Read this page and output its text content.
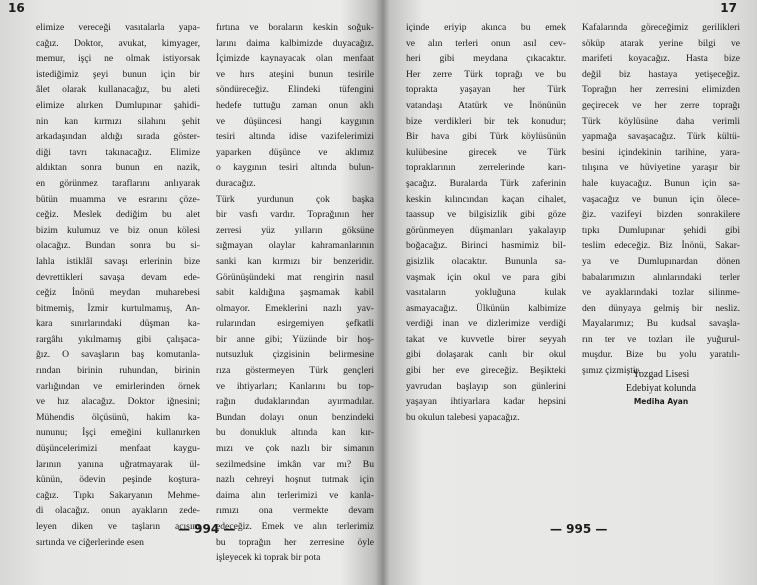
16
elimize vereceği vasıtalarla yapa-
cağız. Doktor, avukat, kimyager,
memur, işçi ne olmak istiyorsak
istediğimiz şeyi bunun için bir
âlet olarak kullanacağız, bu aleti
elimize alırken Dumlupınar şahidi-
nin kan kırmızı silahını şehit
arkadaşından aldığı sırada göster-
diği tavrı takınacağız. Elimize
aldıktan sonra bunun en nazik,
en görünmez taraflarını anlıyarak
bütün muamma ve esrarını çöze-
ceğiz. Meslek dediğim bu alet
bizim kulumuz ve biz onun kölesi
olacağız. Bundan sonra bu si-
lahla istiklâl savaşı erlerinin bize
devrettikleri savaşa devam ede-
ceğiz İnönü meydan muharebesi
bitmemiş, İzmir kurtulmamış, An-
kara sınırlarındaki düşman ka-
rargâhı yıkılmamış gibi çalışaca-
ğız. O savaşların baş komutanla-
rından birinin ruhundan, birinin
varlığından ve emirlerinden örnek
ve hız alacağız. Doktor iğnesini;
Mühendis ölçüsünü, hakim ka-
nununu; İşçi emeğini kullanırken
düşüncelerimizi menfaat kaygu-
larının yanına uğratmayarak ül-
künün, ödevin peşinde koştura-
cağız. Tıpkı Sakaryanın Mehme-
di olacağız. onun ayakların zede-
leyen diken ve taşların acısını
sırtında ve ciğerlerinde esen
fırtına ve boraların keskin soğuk-
larını daima kalbimizde duyacağız.
İçimizde kaynayacak olan menfaat
ve hırs ateşini bunun tesirile
söndüreceğiz. Elindeki tüfengini
hedefe tuttuğu zaman onun aklı
ve düşüncesi hangi kaygının
tesiri altında idise vazifelerimizi
yaparken düşünce ve aklımız
o kaygının tesiri altında bulun-
duracağız.
Türk yurdunun çok başka
bir vasfı vardır. Toprağının her
zerresi yüz yılların göksüne
sığmayan olaylar kahramanlarının
sanki kan kırmızı bir benzeridir.
Görünüşündeki mat rengirin nasıl
sabit kaldığına şaşmamak kabil
olmayor. Emeklerini nazlı yav-
rularından esirgemiyen şefkatli
bir anne gibi; Yüzünde bir hoş-
nutsuzluk çizgisinin belirmesine
rıza göstermeyen Türk gençleri
ve ihtiyarları; Kanlarını bu top-
rağın dudaklarından ayırmadılar.
Bundan dolayı onun benzindeki
bu donukluk altında kan kır-
mızı ve çok nazlı bir simanın
sezilmedsine imkân var mı? Bu
nazlı cehreyi hoşnut tutmak için
daima alın terlerimizi ve kanla-
rımızı ona vermekte devam
edeceğiz. Emek ve alın terlerimiz
bu toprağın her zerresine öyle
işleyecek ki toprak bir pota
— 994 —
17
içinde eriyip akınca bu emek
ve alın terleri onun asıl cev-
heri gibi meydana çıkacaktır.
Her zerre Türk toprağı ve bu
toprakta yaşayan her Türk
vatandaşı Atatürk ve İnönünün
bize verdikleri bir tek konudur;
Bir hava gibi Türk köylüsünün
kulübesine girecek ve Türk
topraklarının zerrelerinde karı-
şacağız. Buralarda Türk zaferinin
keskin kılıncından kaçan cihalet,
taassup ve bilgisizlik gibi göze
görünmeyen düşmanları yakalayıp
boğacağız. Birinci hasmimiz bil-
gisizlik olacaktır. Bununla sa-
vaşmak için okul ve para gibi
vasıtaların yokluğuna kulak
asmayacağız. Ülkünün kalbimize
verdiği inan ve dizlerimize verdiği
takat ve kuvvetle birer seyyah
gibi dolaşarak canlı bir okul
gibi her eve gireceğiz. Beşikteki
yavrudan başlayıp son günlerini
yaşayan ihtiyarlara kadar hepsini
bu okulun talebesi yapacağız.
Kafalarında göreceğimiz gerilikleri
söküp atarak yerine bilgi ve
marifeti koyacağız. Hasta bize
değil biz hastaya yetişeceğiz.
Toprağın her zerresini elimizden
geçirecek ve her zerre toprağı
Türk köylüsüne daha verimli
yapmağa savaşacağız. Türk kültü-
besini içindekinin tarihine, yara-
tılışına ve hüviyetine yaraşır bir
hale kuyacağız. Bunun için sa-
vaşacağız ve bunun için ölece-
ğiz. vazifeyi bizden sonrakilere
tıpkı Dumlupınar şehidi gibi
teslim edeceğiz. Biz İnönü, Sakar-
ya ve Dumlupınardan dönen
babalarımızın alınlarındaki terler
ve ayaklarındaki tozlar silinme-
den dünyaya gelmiş bir nesliz.
Mayalarımız; Bu kudsal savaşla-
rın ter ve tozları ile yuğurul-
muşdur. Bize bu yolu yaratılı-
şımız çizmiştir.
Yozgad Lisesi
Edebiyat kolunda
Mediha Ayan
— 995 —
